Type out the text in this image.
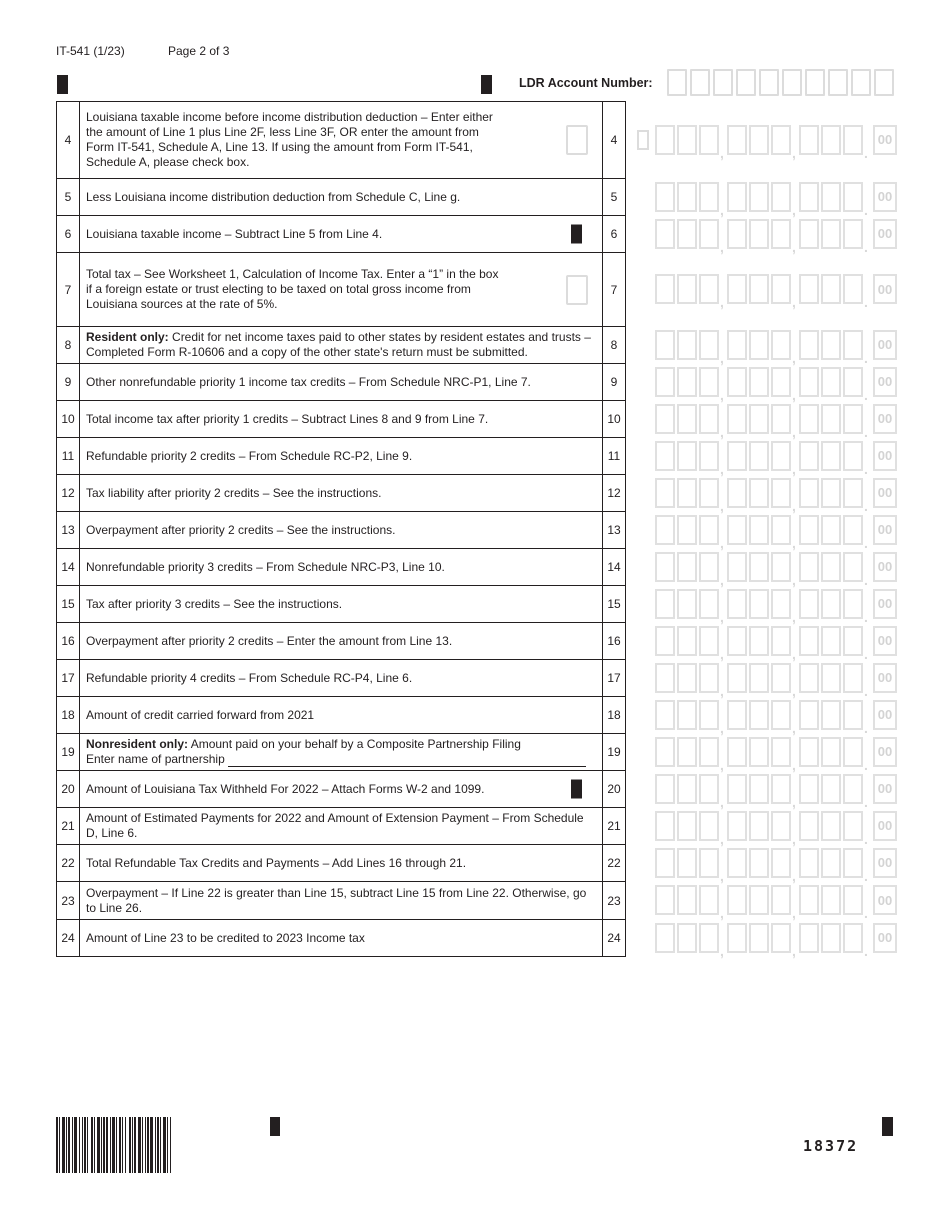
IT-541 (1/23)	Page 2 of 3
LDR Account Number:
4	Louisiana taxable income before income distribution deduction – Enter either the amount of Line 1 plus Line 2F, less Line 3F, OR enter the amount from Form IT-541, Schedule A, Line 13. If using the amount from Form IT-541, Schedule A, please check box.	4
5	Less Louisiana income distribution deduction from Schedule C, Line g.	5
6	Louisiana taxable income – Subtract Line 5 from Line 4.	6
7	Total tax – See Worksheet 1, Calculation of Income Tax. Enter a “1” in the box if a foreign estate or trust electing to be taxed on total gross income from Louisiana sources at the rate of 5%.	7
8	Resident only: Credit for net income taxes paid to other states by resident estates and trusts – Completed Form R-10606 and a copy of the other state's return must be submitted.	8
9	Other nonrefundable priority 1 income tax credits – From Schedule NRC-P1, Line 7.	9
10	Total income tax after priority 1 credits – Subtract Lines 8 and 9 from Line 7.	10
11	Refundable priority 2 credits – From Schedule RC-P2, Line 9.	11
12	Tax liability after priority 2 credits – See the instructions.	12
13	Overpayment after priority 2 credits – See the instructions.	13
14	Nonrefundable priority 3 credits – From Schedule NRC-P3, Line 10.	14
15	Tax after priority 3 credits – See the instructions.	15
16	Overpayment after priority 2 credits – Enter the amount from Line 13.	16
17	Refundable priority 4 credits – From Schedule RC-P4, Line 6.	17
18	Amount of credit carried forward from 2021	18
19	Nonresident only: Amount paid on your behalf by a Composite Partnership Filing
Enter name of partnership	19
20	Amount of Louisiana Tax Withheld For 2022 – Attach Forms W-2 and 1099.	20
21	Amount of Estimated Payments for 2022 and Amount of Extension Payment – From Schedule D, Line 6.	21
22	Total Refundable Tax Credits and Payments – Add Lines 16 through 21.	22
23	Overpayment – If Line 22 is greater than Line 15, subtract Line 15 from Line 22. Otherwise, go to Line 26.	23
24	Amount of Line 23 to be credited to 2023 Income tax	24
,	,	.
00
,	,	.
00
,	,	.
00
,	,	.
00
,	,	.
00
,	,	.
00
,	,	.
00
,	,	.
00
,	,	.
00
,	,	.
00
,	,	.
00
,	,	.
00
,	,	.
00
,	,	.
00
,	,	.
00
,	,	.
00
,	,	.
00
,	,	.
00
,	,	.
00
,	,	.
00
,	,	.
00
18372
